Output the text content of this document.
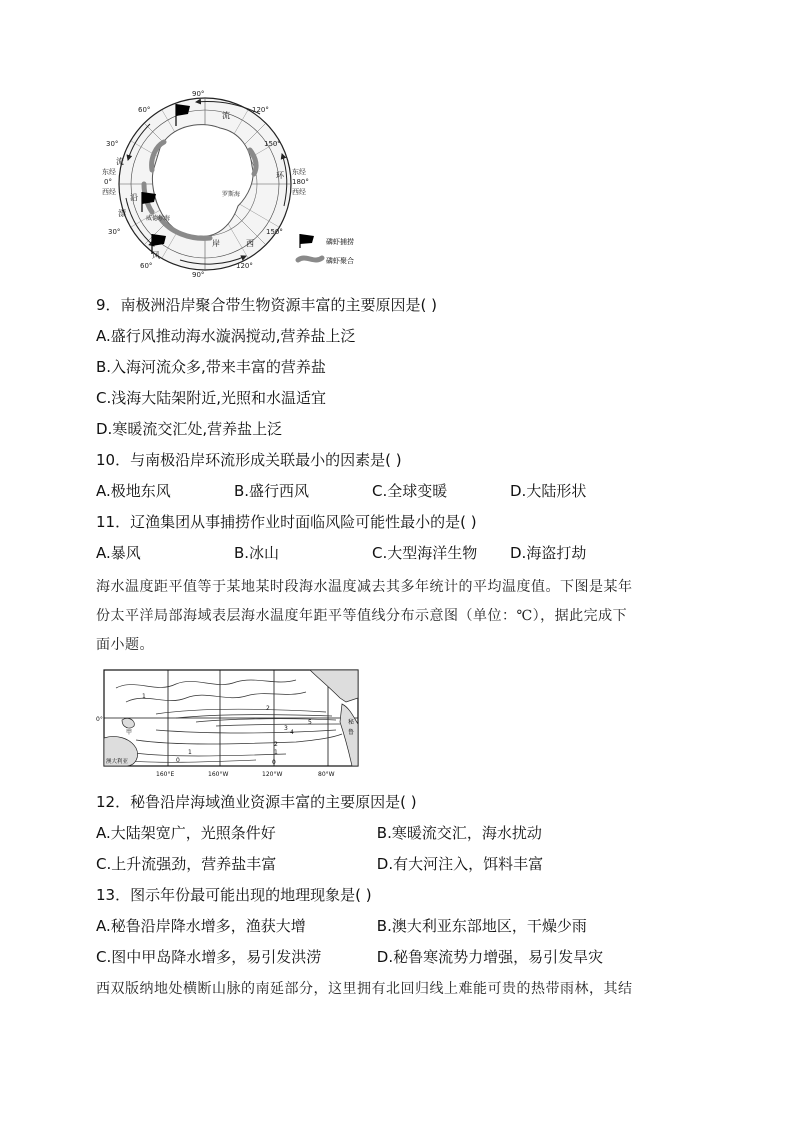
90°
60°	120°
30°	150°
东经
0°
西经
180°
东经
西经
30°	150°
60°	120°
90°
流
环
流
沿	罗斯海
漂
威德尔海
岸	西
风
磷虾捕捞
磷虾聚合
9．南极洲沿岸聚合带生物资源丰富的主要原因是( )
A.盛行风推动海水漩涡搅动,营养盐上泛
B.入海河流众多,带来丰富的营养盐
C.浅海大陆架附近,光照和水温适宜
D.寒暖流交汇处,营养盐上泛
10．与南极沿岸环流形成关联最小的因素是( )
A.极地东风	B.盛行西风	C.全球变暖	D.大陆形状
11．辽渔集团从事捕捞作业时面临风险可能性最小的是( )
A.暴风	B.冰山	C.大型海洋生物	D.海盗打劫
海水温度距平值等于某地某时段海水温度减去其多年统计的平均温度值。下图是某年
份太平洋局部海域表层海水温度年距平等值线分布示意图（单位：℃），据此完成下
面小题。
1
2
3
4
5
1
2
0
1
0
0°
澳大利亚
秘
鲁
甲
160°E	160°W	120°W	80°W
12．秘鲁沿岸海域渔业资源丰富的主要原因是( )
A.大陆架宽广，光照条件好	B.寒暖流交汇，海水扰动
C.上升流强劲，营养盐丰富	D.有大河注入，饵料丰富
13．图示年份最可能出现的地理现象是( )
A.秘鲁沿岸降水增多，渔获大增	B.澳大利亚东部地区，干燥少雨
C.图中甲岛降水增多，易引发洪涝	D.秘鲁寒流势力增强，易引发旱灾
西双版纳地处横断山脉的南延部分，这里拥有北回归线上难能可贵的热带雨林，其结
